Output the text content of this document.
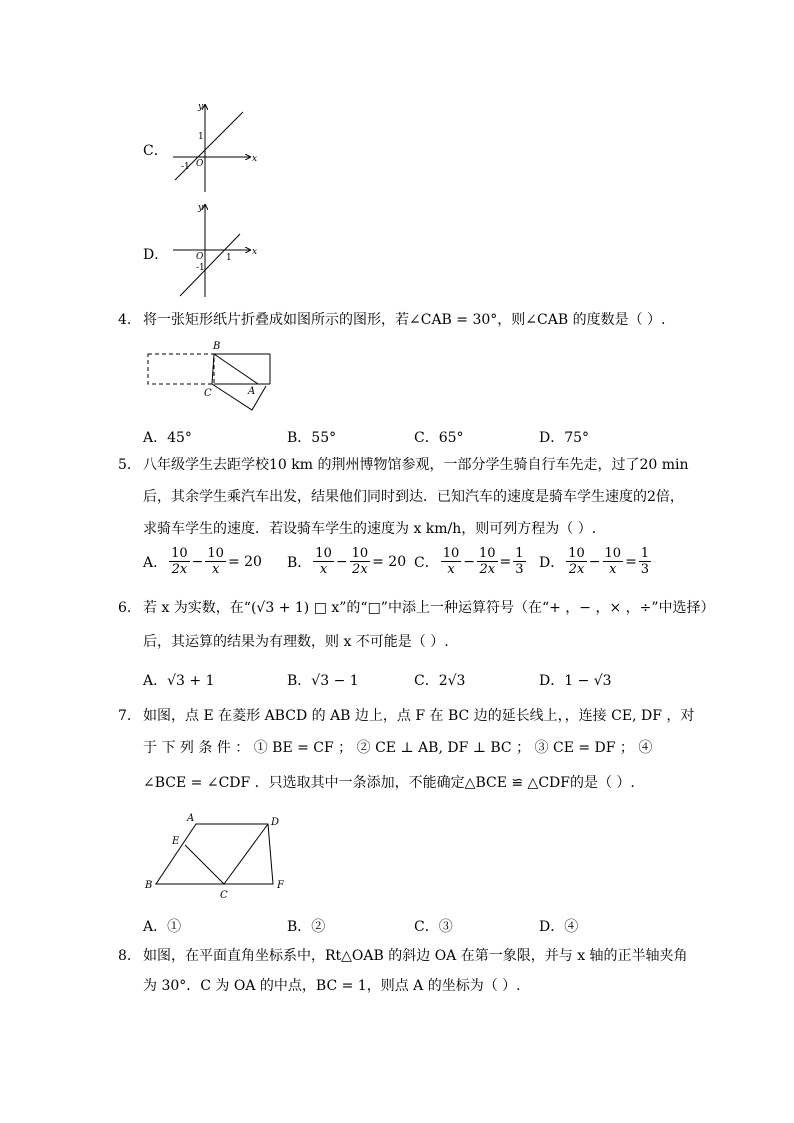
C．
y
x
O
1
-1
D．
y
x
O	1
-1
4. 将一张矩形纸片折叠成如图所示的图形，若∠CAB = 30°，则∠CAB 的度数是（ ）.
B
C	A
A．45°	B．55°	C．65°	D．75°
5. 八年级学生去距学校10 km 的荆州博物馆参观，一部分学生骑自行车先走，过了20 min
后，其余学生乘汽车出发，结果他们同时到达．已知汽车的速度是骑车学生速度的2倍，
求骑车学生的速度．若设骑车学生的速度为 x km/h，则可列方程为（ ）.
A． $\frac{10}{2x} - \frac{10}{x} = 20$ B． $\frac{10}{x} - \frac{10}{2x} = 20$ C． $\frac{10}{x} - \frac{10}{2x} = \frac{1}{3}$ D． $\frac{10}{2x} - \frac{10}{x} = \frac{1}{3}$
6. 若 x 为实数，在“(√3 + 1) □ x”的“□”中添上一种运算符号（在“+ ，− ，× ，÷”中选择）
后，其运算的结果为有理数，则 x 不可能是（ ）.
A．√3 + 1	B．√3 − 1	C．2√3	D．1 − √3
7. 如图，点 E 在菱形 ABCD 的 AB 边上，点 F 在 BC 边的延长线上，，连接 CE, DF ，对
于 下 列 条 件 ： ① BE = CF ； ② CE ⊥ AB, DF ⊥ BC ； ③ CE = DF ； ④
∠BCE = ∠CDF ．只选取其中一条添加，不能确定△BCE ≌ △CDF的是（ ）.
A	D
E
B
C
F
A．①	B．②	C．③	D．④
8. 如图，在平面直角坐标系中，Rt△OAB 的斜边 OA 在第一象限，并与 x 轴的正半轴夹角
为 30°．C 为 OA 的中点，BC = 1，则点 A 的坐标为（ ）.
